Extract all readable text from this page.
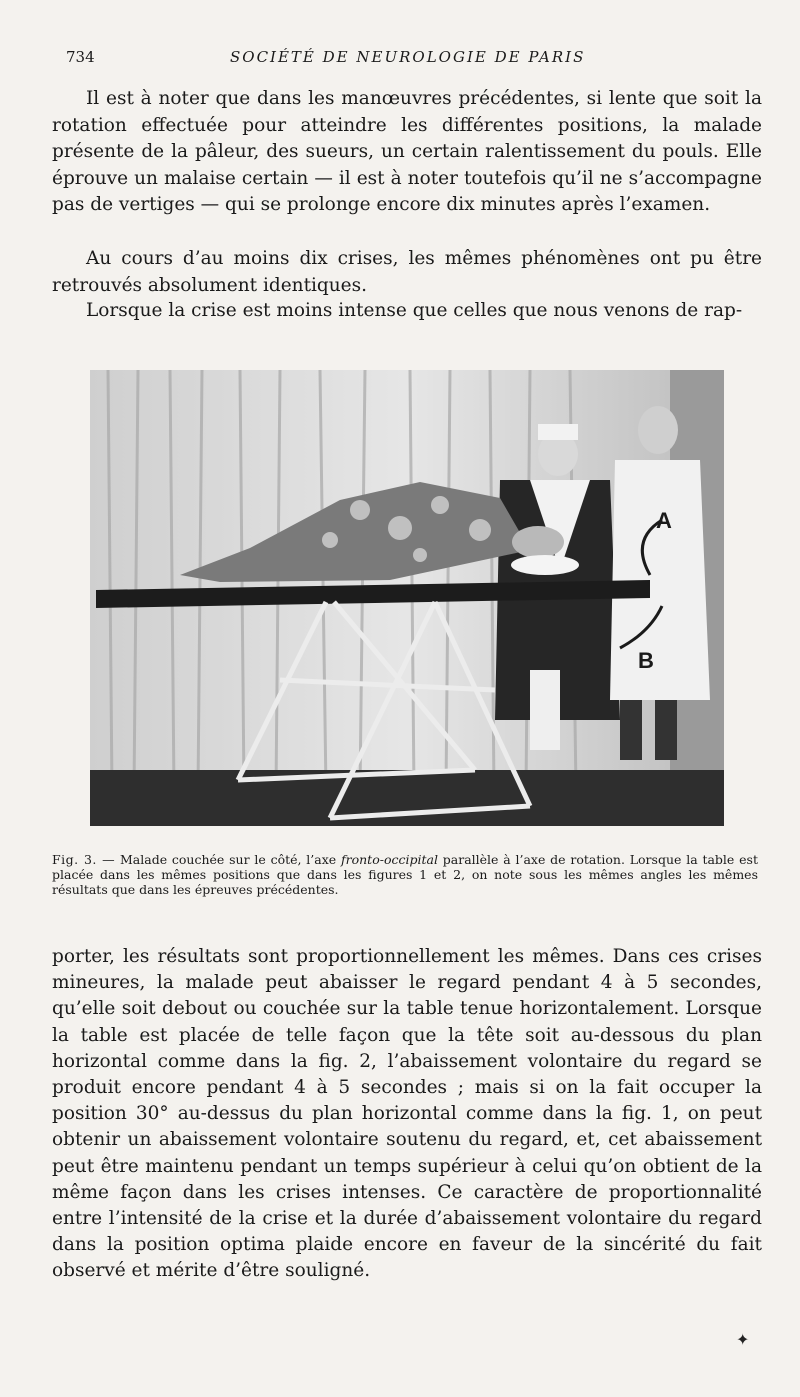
734	SOCIÉTÉ DE NEUROLOGIE DE PARIS

Il est à noter que dans les manœuvres précédentes, si lente que soit la rotation effectuée pour atteindre les différentes positions, la malade présente de la pâleur, des sueurs, un certain ralentissement du pouls. Elle éprouve un malaise certain — il est à noter toutefois qu’il ne s’accompagne pas de vertiges — qui se prolonge encore dix minutes après l’examen.

Au cours d’au moins dix crises, les mêmes phénomènes ont pu être retrouvés absolument identiques.

Lorsque la crise est moins intense que celles que nous venons de rap-

A
B
Fig. 3. — Malade couchée sur le côté, l’axe fronto-occipital parallèle à l’axe de rotation. Lorsque la table est placée dans les mêmes positions que dans les figures 1 et 2, on note sous les mêmes angles les mêmes résultats que dans les épreuves précédentes.

porter, les résultats sont proportionnellement les mêmes. Dans ces crises mineures, la malade peut abaisser le regard pendant 4 à 5 secondes, qu’elle soit debout ou couchée sur la table tenue horizontalement. Lorsque la table est placée de telle façon que la tête soit au-dessous du plan horizontal comme dans la fig. 2, l’abaissement volontaire du regard se produit encore pendant 4 à 5 secondes ; mais si on la fait occuper la position 30° au-dessus du plan horizontal comme dans la fig. 1, on peut obtenir un abaissement volontaire soutenu du regard, et, cet abaissement peut être maintenu pendant un temps supérieur à celui qu’on obtient de la même façon dans les crises intenses. Ce caractère de proportionnalité entre l’intensité de la crise et la durée d’abaissement volontaire du regard dans la position optima plaide encore en faveur de la sincérité du fait observé et mérite d’être souligné.

✦
